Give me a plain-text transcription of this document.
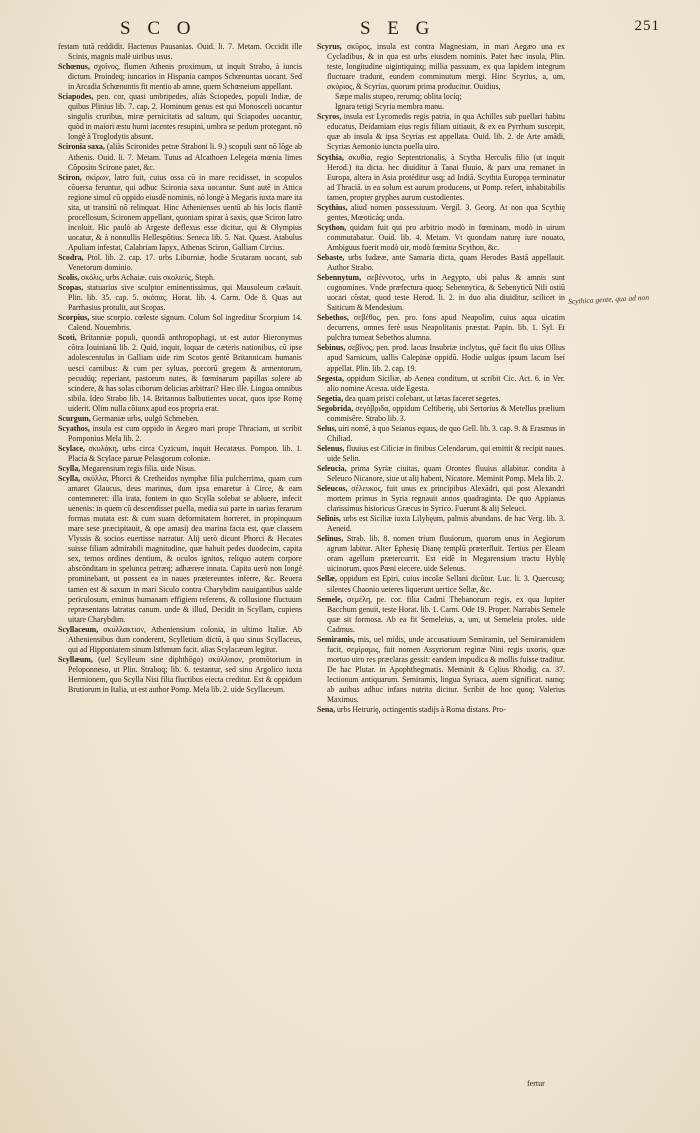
S C O	S E G	251

festam tutā reddidit. Hactenus Pausanias. Ouid. li. 7. Metam. Occidit ille Scinis, magnis malè uiribus usus.

Schœnus, σχοῖνος, flumen Athenis proximum, ut inquit Strabo, à iuncis dictum. Proindeq; iuncarios in Hispania campos Schœnuntas uocant. Sed in Arcadia Schœnuntis fit mentio ab amne, quem Schœneium appellant.

Sciapodes, pen. cor, quasi umbripedes, aliás Sciopedes, populi Indiæ, de quibus Plinius lib. 7. cap. 2. Hominum genus est qui Monosceli uocantur singulis cruribus, miræ pernicitatis ad saltum, qui Sciapodes uocantur, quòd in maiori æstu humi iacentes resupini, umbra se pedum protegant. nõ longè à Troglodytis absunt.

Scironia saxa, (aliàs Scironides petræ Straboni li. 9.) scopuli sunt nõ lõge ab Athenis. Ouid. li. 7. Metam. Tutus ad Alcathoen Lelegeia mœnia limes Cõposito Scirone patet, &c.

Sciron, σκίρων, latro fuit, cuius ossa cū in mare recidisset, in scopulos cõuersa feruntur, qui adhuc Scironia saxa uocantur. Sunt autē in Attica regione simul cū oppido eiusdē nominis, nõ longè à Megaris iuxta mare ita sita, ut transitū nõ relinquat. Hinc Athenienses uentū ab his locis flantē procellosum, Scironem appellant, quoniam spirat à saxis, quæ Sciron latro incoluit. Hic paulò ab Argeste deflexus esse dicitur, qui & Olympius uocatur, & à nonnullis Hellespõtius. Seneca lib. 5. Nat. Quæst. Atabulus Apuliam infestat, Calabriam Iapyx, Athenas Sciron, Galliam Circius.

Scodra, Ptol. lib. 2. cap. 17. urbs Liburniæ, hodie Scutaram uocant, sub Venetorum dominio.

Scolis, σκόλις, urbs Achaiæ. cuis σκολιεύς, Steph.

Scopas, statuarius sive sculptor eminentissimus, qui Mausoleum cælauit. Plin. lib. 35. cap. 5. σκόπας. Horat. lib. 4. Carm. Ode 8. Quas aut Parrhasius protulit, aut Scopas.

Scorpius, siue scorpio. cœleste signum. Colum Sol ingreditur Scorpium 14. Calend. Nouembris.

Scoti, Britanniæ populi, quondā anthropophagi, ut est autor Hieronymus cõtra Iouinianū lib. 2. Quid, inquit, loquar de cæteris nationibus, cū ipse adolescentulus in Galliam uide rim Scotos gentē Britannicam humanis uesci carnibus: & cum per syluas, porcorū gregem & armentorum, pecudúq; reperiant, pastorum nates, & fœminarum papillas solere ab scindere, & has solas ciborum delicias arbitrari? Hæc ille. Lingua omnibus sibila. Ideo Strabo lib. 14. Britannos balbutientes uocat, quos ipse Romę uiderit. Olim nulla cõiunx apud eos propria erat.

Scurgum, Germaniæ urbs, uulgò Schmeben.

Scyathos, insula est cum oppido in Aegæo mari prope Thraciam, ut scribit Pomponius Mela lib. 2.

Scylace, σκυλάκη, urbs circa Cyzicum, inquit Hecatæus. Pompon. lib. 1. Placia & Scylace paruæ Pelasgorum coloniæ.

Scylla, Megarensium regis filia. uide Nisus.

Scylla, σκύλλα, Phorci & Cretheidos nymphæ filia pulcherrima, quam cum amaret Glaucus, deus marinus, dum ipsa emaretur à Circe, & eam contemneret: illa irata, fontem in quo Scylla solebat se abluere, infecit uenenis: in quem cū descendisset puella, media sui parte in uarias ferarum formas mutata est: & cum suam deformitatem horreret, in propinquum mare sese præcipitauit, & ope amasij dea marina facta est, quæ classem Vlyssis & socios euertisse narratur. Alij uerò dicunt Phorci & Hecates suisse filiam admirabili magnitudine, quæ habuit pedes duodecim, capita sex, ternos ordines dentium, & oculos ignitos, reliquo autem corpore abscōnditam in spelunca petræq; adhærere innata. Capita uerò non longè prominebant, ut possent ea in naues prætereuntes inferre, &c. Reuera tamen est & saxum in mari Siculo contra Charybdim nauigantibus ualde periculosum, eminus humanam effigiem referens, & collusione fluctuum repræsentans latratus canum. unde & illud, Decidit in Scyllam, cupiens uitare Charybdim.

Scyllaceum, σκυλλακτιον, Atheniensium colonia, in ultimo Italiæ. Ab Atheniensibus dum conderent, Scylletium dictū, à quo sinus Scyllaceus, qui ad Hipponiatem sinum Isthmum facit. alias Scylacæum legitur.

Scyllæum, (uel Scylleum sine diphthōgo) σκύλλαιον, promōtorium in Peloponneso, ut Plin. Straboq; lib. 6. testantur, sed sinu Argolico iuxta Hermionem, quo Scylla Nisi filia fluctibus eiecta creditur. Est & oppidum Brutiorum in Italia, ut est author Pomp. Mela lib. 2. uide Scyllaceum.

Scyrus, σκῦρος, insula est contra Magnesiam, in mari Aegæo una ex Cycladibus, & in qua est urbs eiusdem nominis. Patet hæc insula, Plin. teste, longitudine uigintiquinq; millia passuum, ex qua lapidem integrum fluctuare tradunt, eundem comminutum mergi. Hinc Scyrius, a, um, σκύριος, & Scyrias, quorum prima producitur. Ouidius,

Sæpe malis stupeo, rerumq; oblita locíq;

Ignara tetigi Scyria membra manu.

Scyros, insula est Lycomedis regis patria, in qua Achilles sub puellari habitu educatus, Deidamiam eius regis filiam uitiauit, & ex ea Pyrrhum suscepit, quæ ab insula & ipsa Scyrias est appellata. Ouid. lib. 2. de Arte amādi, Scyrias Aemonio iuncta puella uiro.

Scythia, σκυθία, regio Septentrionalis, à Scytha Herculis filio (ut inquit Herod.) ita dicta. hec diuiditur à Tanai fluuio, & pars una remanet in Europa, altera in Asia protéditur usq; ad Indiā. Scythia Europęa terminatur ad Thraciā. in ea solum est aurum producens, ut Pomp. refert, inhabitabilis tamen, propter gryphes aurum custodientes.

Scythius, aliud nomen possessiuum. Vergil. 3. Georg. At non qua Scythię gentes, Mœoticáq; unda.

Scython, quidam fuit qui pro arbitrio modò in fœminam, modò in uirum commutabatur. Ouid. lib. 4. Metam. Vt quondam naturę iure nouato, Ambiguus fuerit modò uir, modò fœmina Scython, &c.

Sebaste, urbs Iudææ, ante Samaria dicta, quam Herodes Bastā appellauit. Author Strabo.

Sebennytum, σεβέννυτος, urbs in Aegypto, ubi palus & amnis sunt cognomines. Vnde præfectura quoq; Sebennytica, & Sebenyticū Nili ostiū uocari cõstat, quod teste Herod. li. 2. in duo alia diuiditur, scilicet in Saiticum & Mendesium.

Sebethos, σεβέθος, pen. pro. fons apud Neapolim, cuius aqua uicatim decurrens, omnes ferè usus Neapolitanis præstat. Papin. lib. 1. Syl. Et pulchra tumeat Sebethos alumna.

Sebinus, σεβῖνος, pen. prod. lacus Insubriæ inclytus, quē facit flu uius Ollius apud Sarnicum, uallis Calepinæ oppidū. Hodie uulgus ipsum lacum Iseí appellat. Plin. lib. 2. cap. 19.

Segesta, oppidum Siciliæ, ab Aenea conditum, ut scribit Cic. Act. 6. in Ver. alio nomine Acesta. uide Egesta.

Segetia, dea quam prisci colebant, ut lætas faceret segetes.

Segobrida, σεγόβριδα, oppidum Celtiberię, ubi Sertorius & Metellus prælium commisêre. Strabo lib. 3.

Selus, uiri nomē, à quo Seianus equus, de quo Gell. lib. 3. cap. 9. & Erasmus in Chiliad.

Selenus, fluuius est Ciliciæ in finibus Celendarum, qui emittit & recipit naues. uide Selin.

Seleucia, prima Syriæ ciuitas, quam Orontes fluuius allabitur. condita à Seleuco Nicanore, siue ut alij habent, Nicatore. Meminit Pomp. Mela lib. 2.

Seleucos, σέλευκος, fuit unus ex principibus Alexādri, qui post Alexandri mortem primus in Syria regnauit annos quadraginta. De quo Appianus clarissimus historicus Græcus in Syrico. Fuerunt & alij Seleuci.

Selinis, urbs est Siciliæ iuxta Lilybęum, palmis abundans. de hac Verg. lib. 3. Aeneid.

Selinus, Strab. lib. 8. nomen trium fluuiorum, quorum unus in Aegiorum agrum labitur. Alter Ephesię Dianę templū præterfluit. Tertius per Eleam oram agellum prætercurrit. Est eidē in Megarensium tractu Hyblę uicinorum, quos Pœni eiecere. uide Selenus.

Sellæ, oppidum est Epiri, cuius incolæ Sellani dicūtur. Luc. li. 3. Quercusq; silentes Chaonio ueteres liquerunt uertice Sellæ, &c.

Semele, σεμέλη, pe. cor. filia Cadmi Thebanorum regis, ex qua Iupiter Bacchum genuit, teste Horat. lib. 1. Carm. Ode 19. Proper. Narrabis Semele quæ sit formosa. Ab ea fit Semeleius, a, um, ut Semeleia proles. uide Cadmus.

Semiramis, mis, uel midis, unde accusatiuum Semiramin, uel Semiramidem facit, σεμίραμις, fuit nomen Assyriorum reginæ Nini regis uxoris, quæ mortuo uiro res præclaras gessit: eandem impudica & mollis fuisse traditur. De hac Plutar. in Apophthegmatis. Meminit & Cęlius Rhodig. ca. 37. lectionum antiquarum. Semiramis, lingua Syriaca, auem significat. namq; ab auibus adhuc infans nutrita dicitur. Scribit de hoc quoq; Valerius Maximus.

Sena, urbs Hetrurię, octingentis stadijs à Roma distans. Pro-

Scythica gente, qua ad non
fertur
